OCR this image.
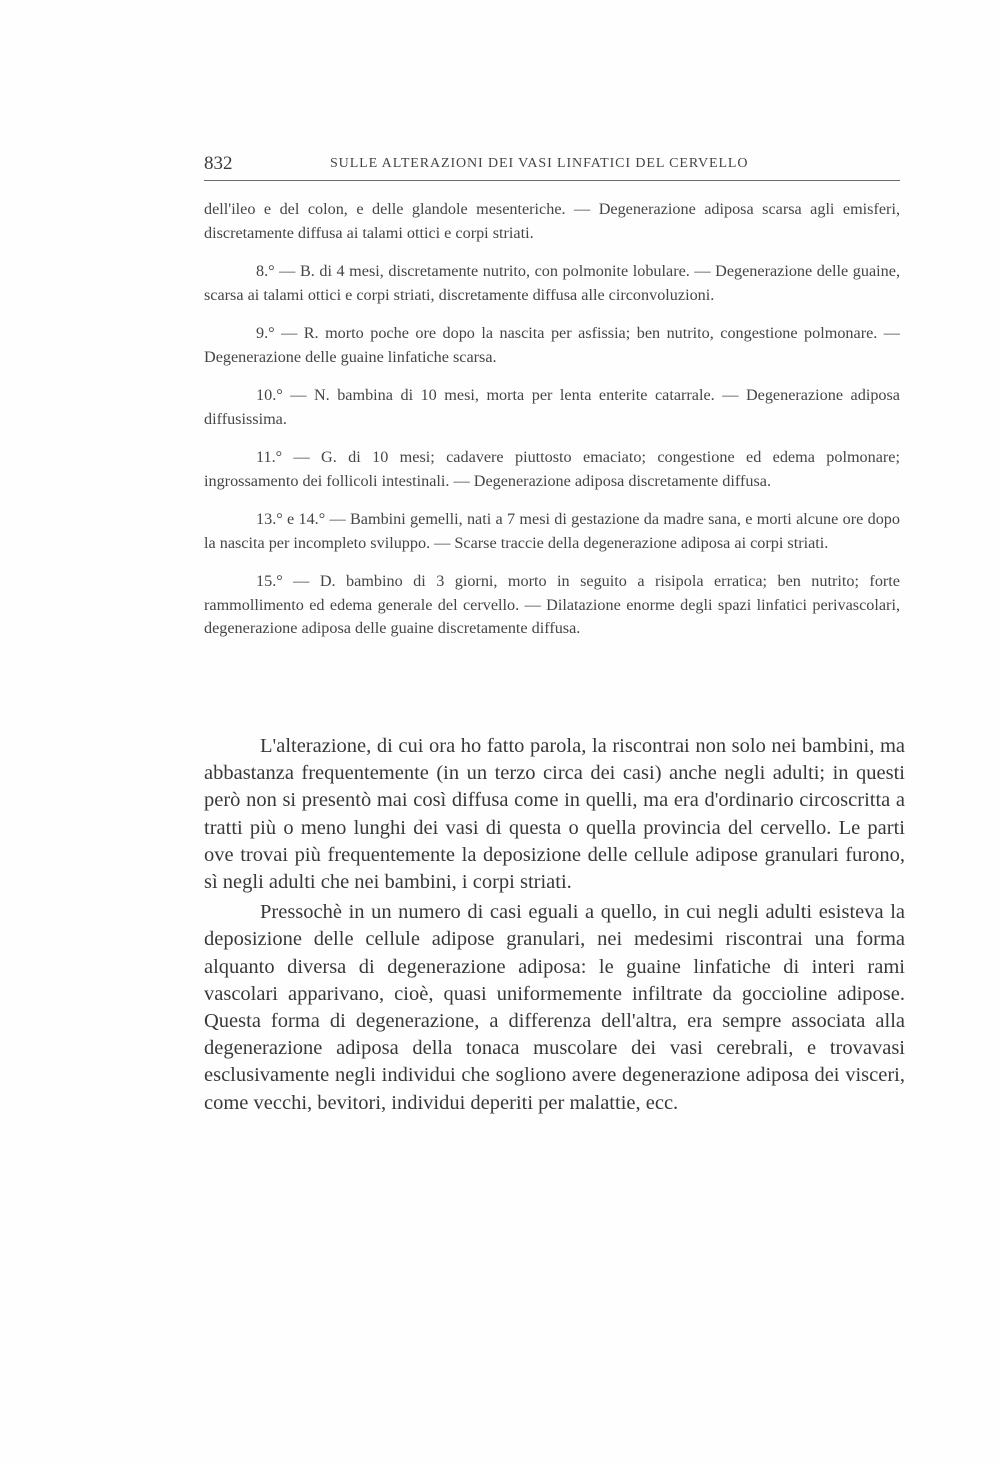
832	SULLE ALTERAZIONI DEI VASI LINFATICI DEL CERVELLO

dell'ileo e del colon, e delle glandole mesenteriche. — Degenerazione adiposa scarsa agli emisferi, discretamente diffusa ai talami ottici e corpi striati.

8.° — B. di 4 mesi, discretamente nutrito, con polmonite lobulare. — Degenerazione delle guaine, scarsa ai talami ottici e corpi striati, discretamente diffusa alle circonvoluzioni.

9.° — R. morto poche ore dopo la nascita per asfissia; ben nutrito, congestione polmonare. — Degenerazione delle guaine linfatiche scarsa.

10.° — N. bambina di 10 mesi, morta per lenta enterite catarrale. — Degenerazione adiposa diffusissima.

11.° — G. di 10 mesi; cadavere piuttosto emaciato; congestione ed edema polmonare; ingrossamento dei follicoli intestinali. — Degenerazione adiposa discretamente diffusa.

13.° e 14.° — Bambini gemelli, nati a 7 mesi di gestazione da madre sana, e morti alcune ore dopo la nascita per incompleto sviluppo. — Scarse traccie della degenerazione adiposa ai corpi striati.

15.° — D. bambino di 3 giorni, morto in seguito a risipola erratica; ben nutrito; forte rammollimento ed edema generale del cervello. — Dilatazione enorme degli spazi linfatici perivascolari, degenerazione adiposa delle guaine discretamente diffusa.

L'alterazione, di cui ora ho fatto parola, la riscontrai non solo nei bambini, ma abbastanza frequentemente (in un terzo circa dei casi) anche negli adulti; in questi però non si presentò mai così diffusa come in quelli, ma era d'ordinario circoscritta a tratti più o meno lunghi dei vasi di questa o quella provincia del cervello. Le parti ove trovai più frequentemente la deposizione delle cellule adipose granulari furono, sì negli adulti che nei bambini, i corpi striati.

Pressochè in un numero di casi eguali a quello, in cui negli adulti esisteva la deposizione delle cellule adipose granulari, nei medesimi riscontrai una forma alquanto diversa di degenerazione adiposa: le guaine linfatiche di interi rami vascolari apparivano, cioè, quasi uniformemente infiltrate da goccioline adipose. Questa forma di degenerazione, a differenza dell'altra, era sempre associata alla degenerazione adiposa della tonaca muscolare dei vasi cerebrali, e trovavasi esclusivamente negli individui che sogliono avere degenerazione adiposa dei visceri, come vecchi, bevitori, individui deperiti per malattie, ecc.
